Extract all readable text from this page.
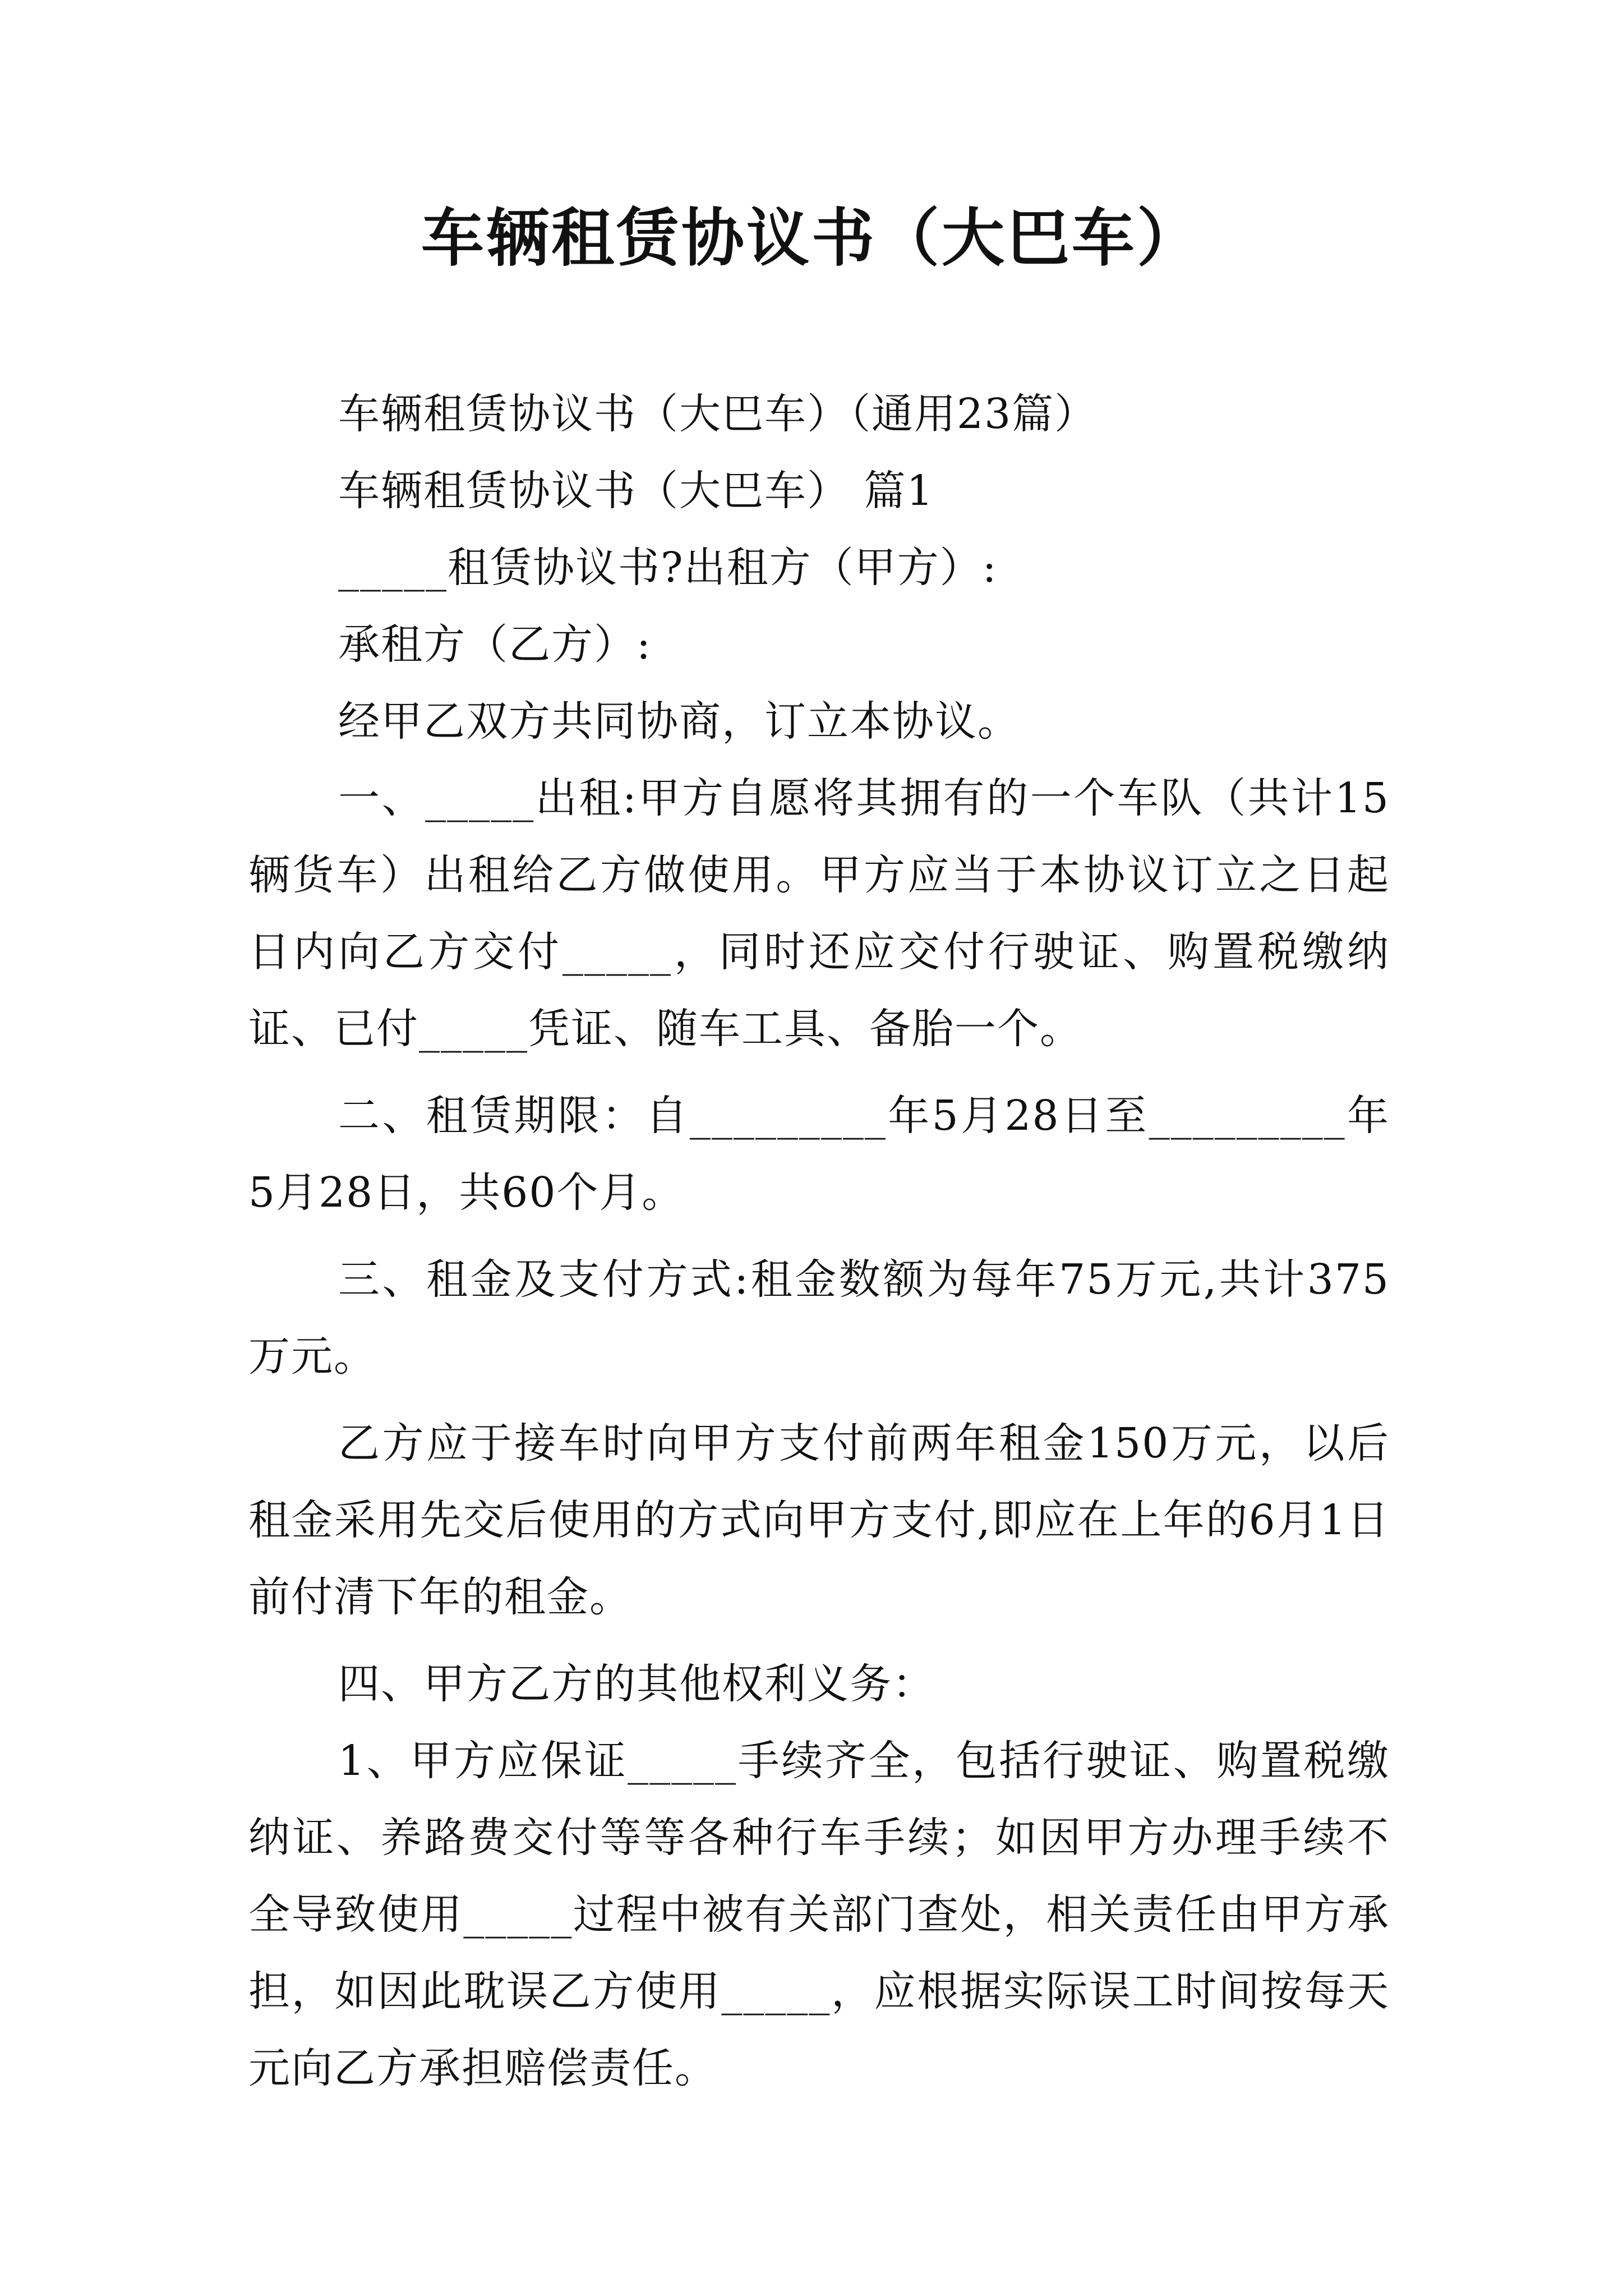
车辆租赁协议书（大巴车）

车辆租赁协议书（大巴车）（通用23篇）

车辆租赁协议书（大巴车） 篇1

_____租赁协议书?出租方（甲方）:

承租方（乙方）:

经甲乙双方共同协商，订立本协议。

一、_____出租:甲方自愿将其拥有的一个车队（共计15辆货车）出租给乙方做使用。甲方应当于本协议订立之日起日内向乙方交付_____，同时还应交付行驶证、购置税缴纳证、已付_____凭证、随车工具、备胎一个。

二、租赁期限：自_________年5月28日至_________年5月28日，共60个月。

三、租金及支付方式:租金数额为每年75万元,共计375万元。

乙方应于接车时向甲方支付前两年租金150万元，以后租金采用先交后使用的方式向甲方支付,即应在上年的6月1日前付清下年的租金。

四、甲方乙方的其他权利义务：

1、甲方应保证_____手续齐全，包括行驶证、购置税缴纳证、养路费交付等等各种行车手续；如因甲方办理手续不全导致使用_____过程中被有关部门查处，相关责任由甲方承担，如因此耽误乙方使用_____，应根据实际误工时间按每天元向乙方承担赔偿责任。
